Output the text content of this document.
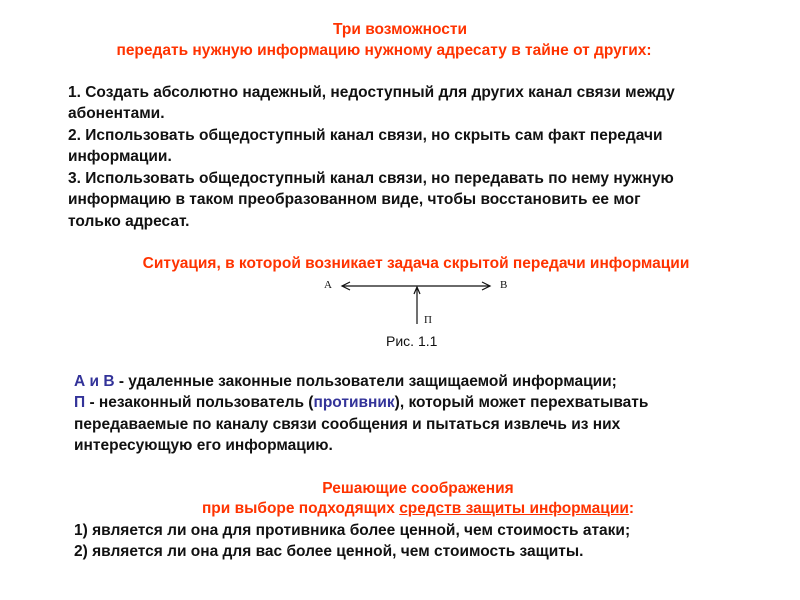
Три возможности
передать нужную информацию нужному адресату в тайне от других:
1. Создать абсолютно надежный, недоступный для других канал связи между
абонентами.
2. Использовать общедоступный канал связи, но скрыть сам факт передачи
информации.
3. Использовать общедоступный канал связи, но передавать по нему нужную
информацию в таком преобразованном виде, чтобы восстановить ее мог
только адресат.
Ситуация, в которой возникает задача скрытой передачи информации
A	B
П
Рис. 1.1
А и В - удаленные законные пользователи защищаемой информации;
П - незаконный пользователь (противник), который может перехватывать
передаваемые по каналу связи сообщения и пытаться извлечь из них
интересующую его информацию.
Решающие соображения
при выборе подходящих средств защиты информации:
1) является ли она для противника более ценной, чем стоимость атаки;
2) является ли она для вас более ценной, чем стоимость защиты.
